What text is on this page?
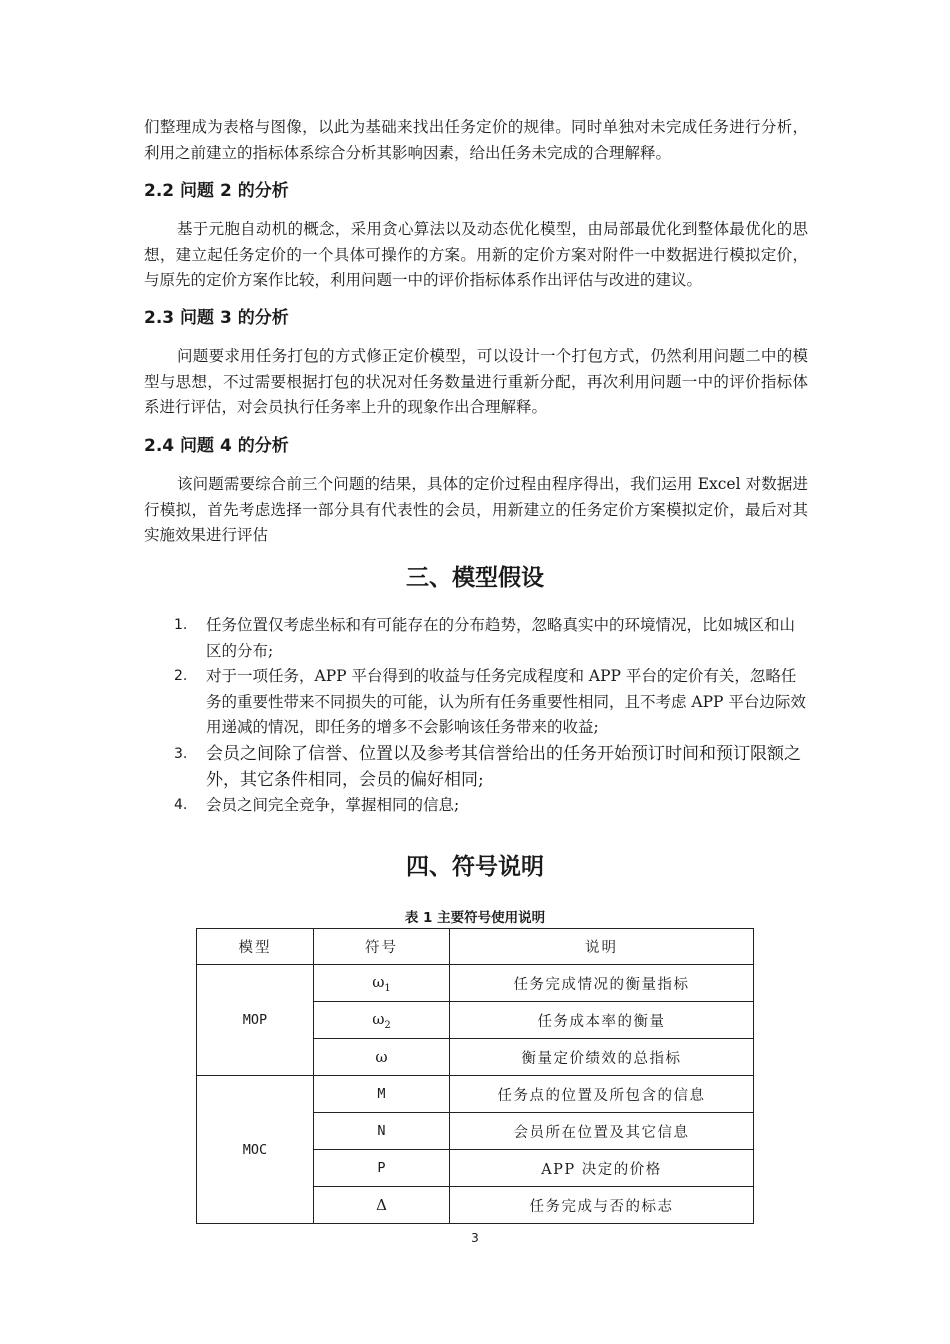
们整理成为表格与图像，以此为基础来找出任务定价的规律。同时单独对未完成任务进行分析，利用之前建立的指标体系综合分析其影响因素，给出任务未完成的合理解释。

2.2 问题 2 的分析

基于元胞自动机的概念，采用贪心算法以及动态优化模型，由局部最优化到整体最优化的思想，建立起任务定价的一个具体可操作的方案。用新的定价方案对附件一中数据进行模拟定价，与原先的定价方案作比较，利用问题一中的评价指标体系作出评估与改进的建议。

2.3 问题 3 的分析

问题要求用任务打包的方式修正定价模型，可以设计一个打包方式，仍然利用问题二中的模型与思想，不过需要根据打包的状况对任务数量进行重新分配，再次利用问题一中的评价指标体系进行评估，对会员执行任务率上升的现象作出合理解释。

2.4 问题 4 的分析

该问题需要综合前三个问题的结果，具体的定价过程由程序得出，我们运用 Excel 对数据进行模拟，首先考虑选择一部分具有代表性的会员，用新建立的任务定价方案模拟定价，最后对其实施效果进行评估

三、模型假设
1. 任务位置仅考虑坐标和有可能存在的分布趋势，忽略真实中的环境情况，比如城区和山区的分布;
2. 对于一项任务，APP 平台得到的收益与任务完成程度和 APP 平台的定价有关，忽略任务的重要性带来不同损失的可能，认为所有任务重要性相同，且不考虑 APP 平台边际效用递减的情况，即任务的增多不会影响该任务带来的收益;
3. 会员之间除了信誉、位置以及参考其信誉给出的任务开始预订时间和预订限额之外，其它条件相同，会员的偏好相同;
4. 会员之间完全竞争，掌握相同的信息;
四、符号说明

表 1 主要符号使用说明

模型	符号	说明
MOP	$\omega_1$	任务完成情况的衡量指标
	$\omega_2$	任务成本率的衡量
	ω	衡量定价绩效的总指标
MOC	M	任务点的位置及所包含的信息
	N	会员所在位置及其它信息
	P	APP 决定的价格
	Δ	任务完成与否的标志
3
